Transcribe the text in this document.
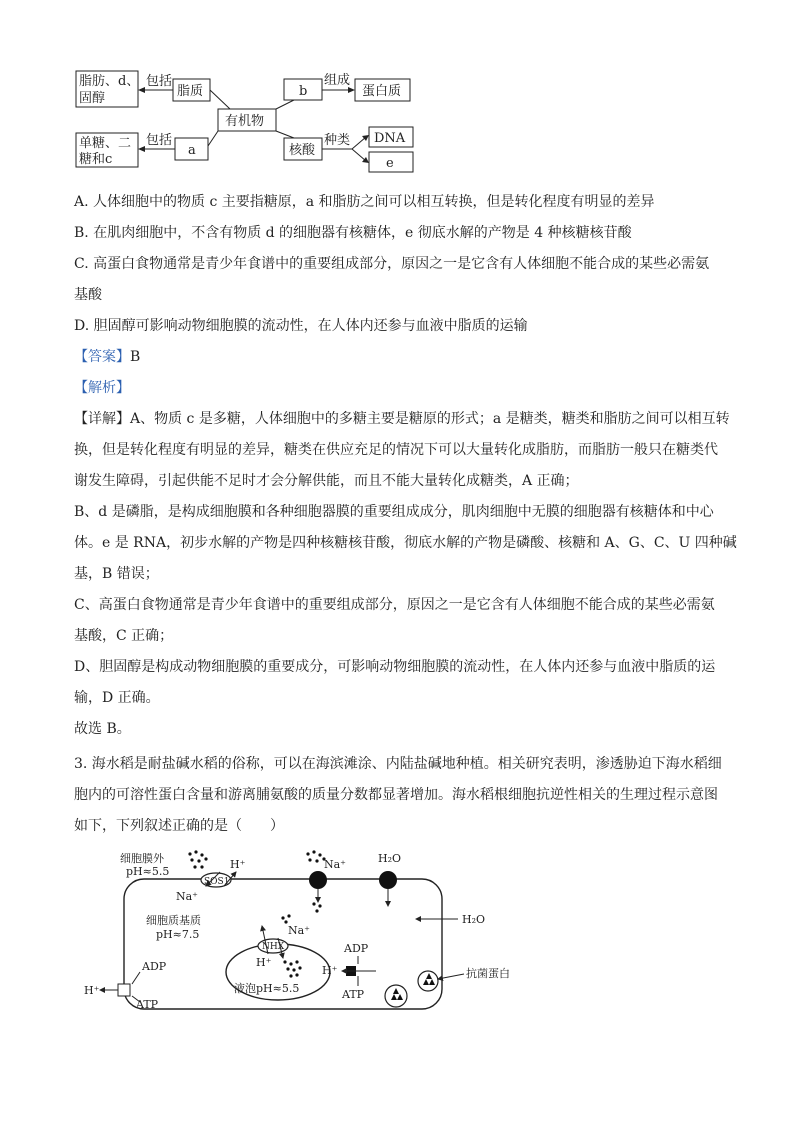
脂肪、d、
固醇
包括
脂质	b
组成
蛋白质
有机物
单糖、二
糖和c
包括
a	核酸
种类 DNA
e
A. 人体细胞中的物质 c 主要指糖原，a 和脂肪之间可以相互转换，但是转化程度有明显的差异
B. 在肌肉细胞中，不含有物质 d 的细胞器有核糖体，e 彻底水解的产物是 4 种核糖核苷酸
C. 高蛋白食物通常是青少年食谱中的重要组成部分，原因之一是它含有人体细胞不能合成的某些必需氨
基酸
D. 胆固醇可影响动物细胞膜的流动性，在人体内还参与血液中脂质的运输
【答案】B
【解析】
【详解】A、物质 c 是多糖，人体细胞中的多糖主要是糖原的形式；a 是糖类，糖类和脂肪之间可以相互转
换，但是转化程度有明显的差异，糖类在供应充足的情况下可以大量转化成脂肪，而脂肪一般只在糖类代
谢发生障碍，引起供能不足时才会分解供能，而且不能大量转化成糖类，A 正确；
B、d 是磷脂，是构成细胞膜和各种细胞器膜的重要组成成分，肌肉细胞中无膜的细胞器有核糖体和中心
体。e 是 RNA，初步水解的产物是四种核糖核苷酸，彻底水解的产物是磷酸、核糖和 A、G、C、U 四种碱
基，B 错误；
C、高蛋白食物通常是青少年食谱中的重要组成部分，原因之一是它含有人体细胞不能合成的某些必需氨
基酸，C 正确；
D、胆固醇是构成动物细胞膜的重要成分，可影响动物细胞膜的流动性，在人体内还参与血液中脂质的运
输，D 正确。
故选 B。
3. 海水稻是耐盐碱水稻的俗称，可以在海滨滩涂、内陆盐碱地种植。相关研究表明，渗透胁迫下海水稻细
胞内的可溶性蛋白含量和游离脯氨酸的质量分数都显著增加。海水稻根细胞抗逆性相关的生理过程示意图
如下，下列叙述正确的是（　　）
细胞膜外
pH≈5.5
H⁺
Na⁺
SOS1
Na⁺	H₂O
H₂O
细胞质基质
pH≈7.5	Na⁺
NHX
H⁺
液泡pH≈5.5
H⁺
ADP
ATP
ADP
ATP
H⁺
抗菌蛋白
